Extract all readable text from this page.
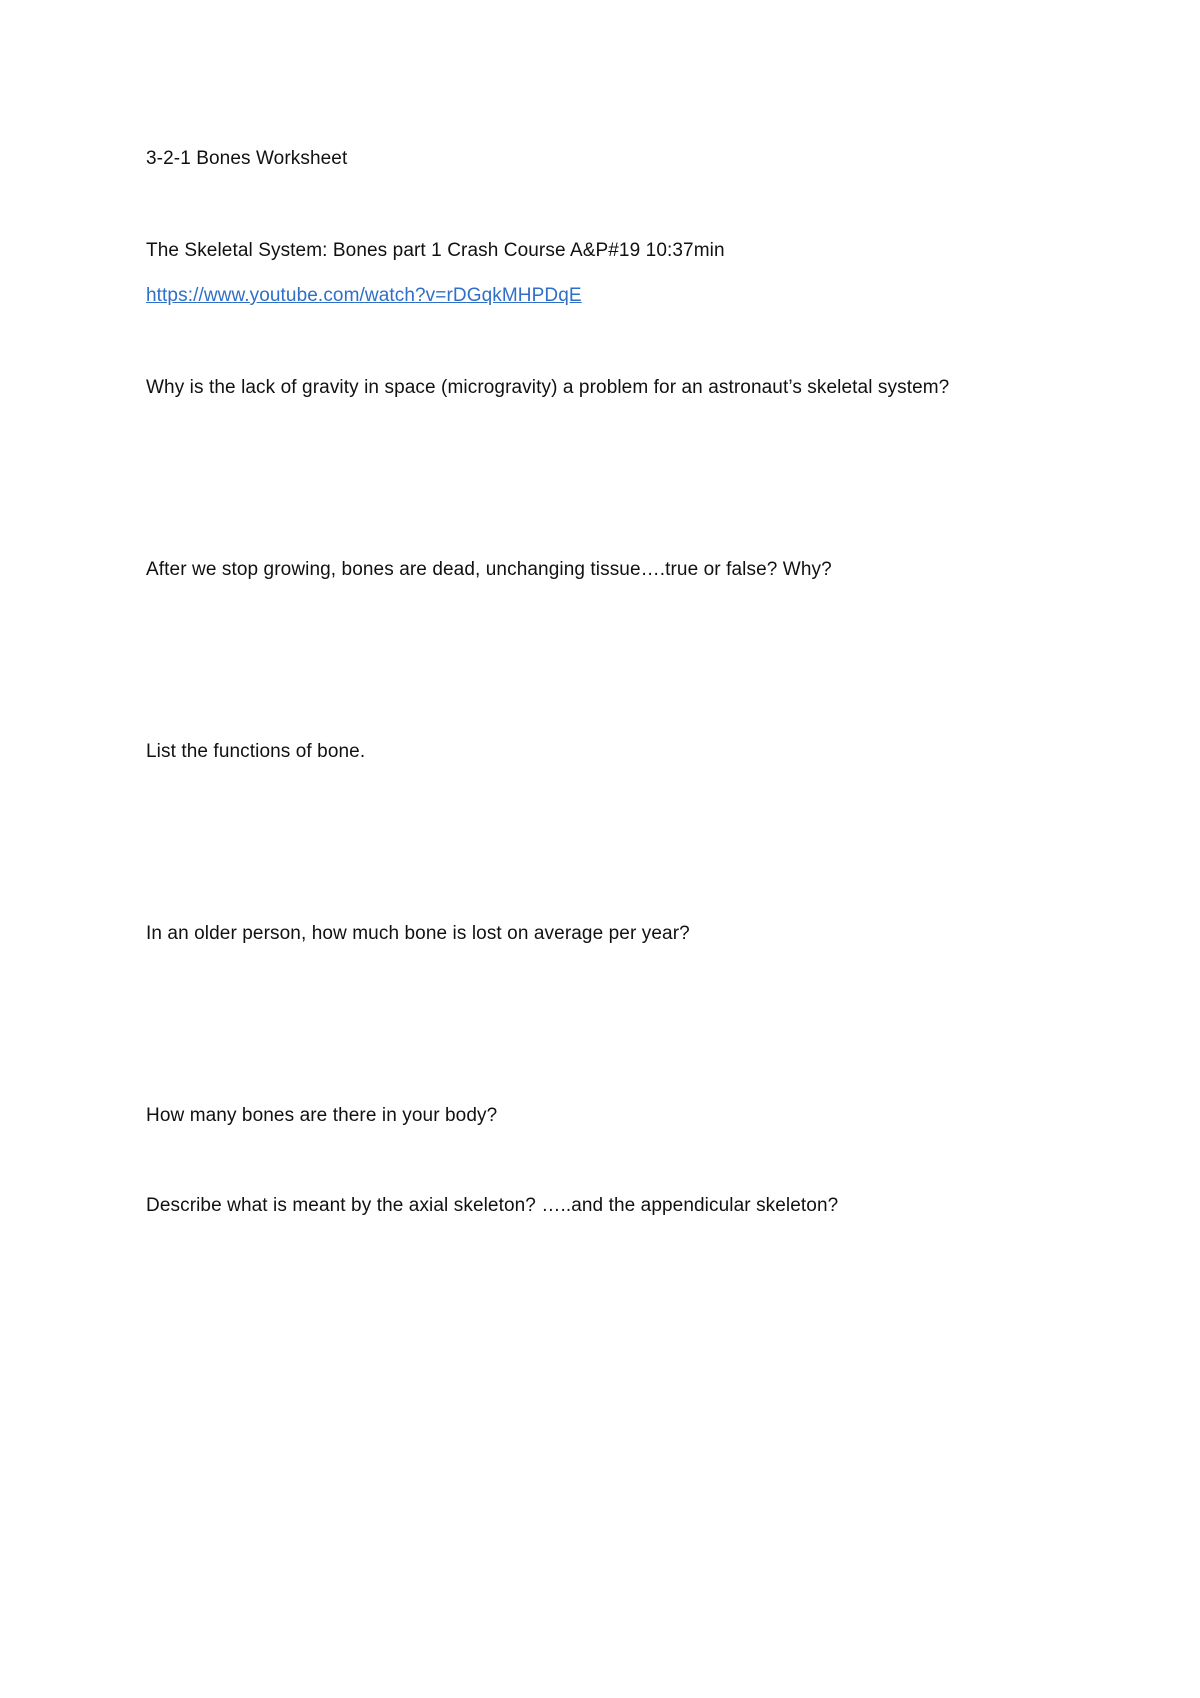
3-2-1 Bones Worksheet
The Skeletal System: Bones part 1 Crash Course A&P#19 10:37min
https://www.youtube.com/watch?v=rDGqkMHPDqE
Why is the lack of gravity in space (microgravity) a problem for an astronaut’s skeletal system?
After we stop growing, bones are dead, unchanging tissue….true or false? Why?
List the functions of bone.
In an older person, how much bone is lost on average per year?
How many bones are there in your body?
Describe what is meant by the axial skeleton? …..and the appendicular skeleton?
